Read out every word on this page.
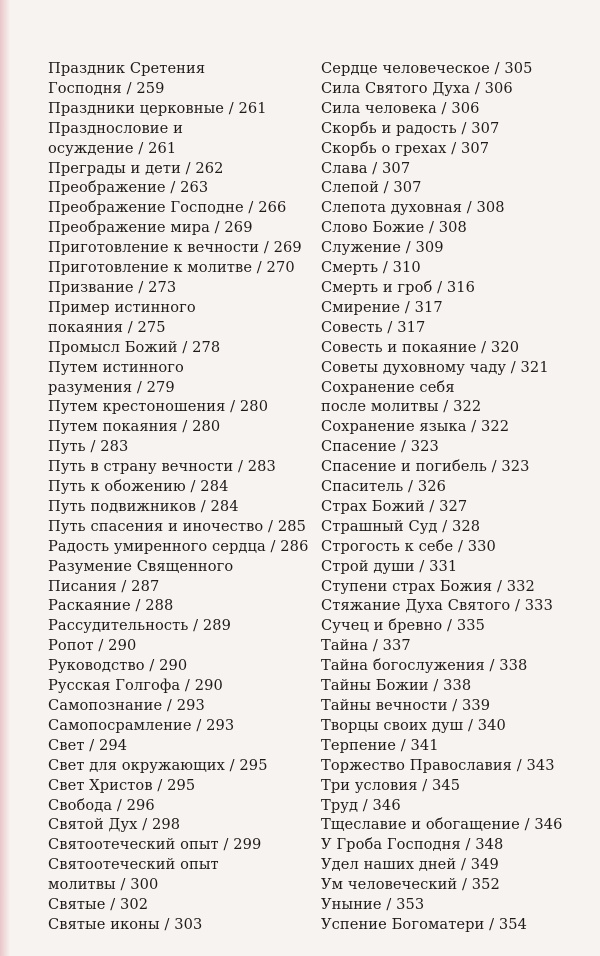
Праздник Сретения
Господня / 259
Праздники церковные / 261
Празднословие и
осуждение / 261
Преграды и дети / 262
Преображение / 263
Преображение Господне / 266
Преображение мира / 269
Приготовление к вечности / 269
Приготовление к молитве / 270
Призвание / 273
Пример истинного
покаяния / 275
Промысл Божий / 278
Путем истинного
разумения / 279
Путем крестоношения / 280
Путем покаяния / 280
Путь / 283
Путь в страну вечности / 283
Путь к обожению / 284
Путь подвижников / 284
Путь спасения и иночество / 285
Радость умиренного сердца / 286
Разумение Священного
Писания / 287
Раскаяние / 288
Рассудительность / 289
Ропот / 290
Руководство / 290
Русская Голгофа / 290
Самопознание / 293
Самопосрамление / 293
Свет / 294
Свет для окружающих / 295
Свет Христов / 295
Свобода / 296
Святой Дух / 298
Святоотеческий опыт / 299
Святоотеческий опыт
молитвы / 300
Святые / 302
Святые иконы / 303
Сердце человеческое / 305
Сила Святого Духа / 306
Сила человека / 306
Скорбь и радость / 307
Скорбь о грехах / 307
Слава / 307
Слепой / 307
Слепота духовная / 308
Слово Божие / 308
Служение / 309
Смерть / 310
Смерть и гроб / 316
Смирение / 317
Совесть / 317
Совесть и покаяние / 320
Советы духовному чаду / 321
Сохранение себя
после молитвы / 322
Сохранение языка / 322
Спасение / 323
Спасение и погибель / 323
Спаситель / 326
Страх Божий / 327
Страшный Суд / 328
Строгость к себе / 330
Строй души / 331
Ступени страх Божия / 332
Стяжание Духа Святого / 333
Сучец и бревно / 335
Тайна / 337
Тайна богослужения / 338
Тайны Божии / 338
Тайны вечности / 339
Творцы своих душ / 340
Терпение / 341
Торжество Православия / 343
Три условия / 345
Труд / 346
Тщеславие и обогащение / 346
У Гроба Господня / 348
Удел наших дней / 349
Ум человеческий / 352
Уныние / 353
Успение Богоматери / 354
